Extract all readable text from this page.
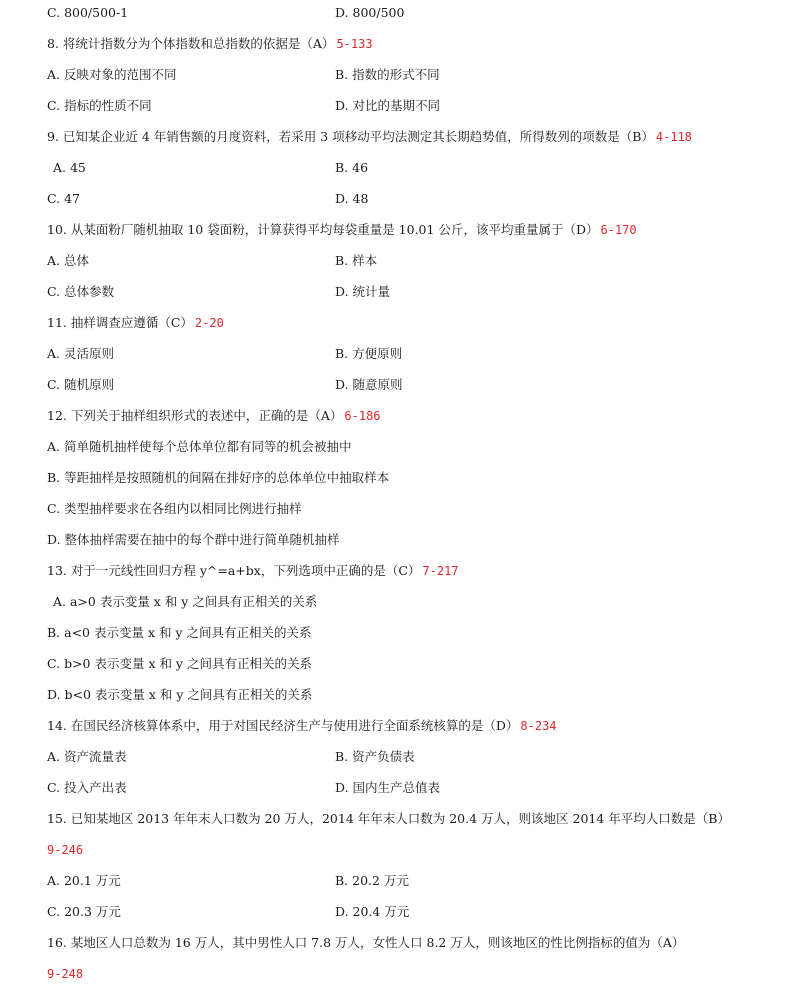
C. 800/500-1	D. 800/500
8. 将统计指数分为个体指数和总指数的依据是（A） 5-133
A. 反映对象的范围不同	B. 指数的形式不同
C. 指标的性质不同	D. 对比的基期不同
9. 已知某企业近 4 年销售额的月度资料，若采用 3 项移动平均法测定其长期趋势值，所得数列的项数是（B） 4-118
A. 45	B. 46
C. 47	D. 48
10. 从某面粉厂随机抽取 10 袋面粉，计算获得平均每袋重量是 10.01 公斤，该平均重量属于（D） 6-170
A. 总体	B. 样本
C. 总体参数	D. 统计量
11. 抽样调查应遵循（C） 2-20
A. 灵活原则	B. 方便原则
C. 随机原则	D. 随意原则
12. 下列关于抽样组织形式的表述中，正确的是（A） 6-186
A. 简单随机抽样使每个总体单位都有同等的机会被抽中
B. 等距抽样是按照随机的间隔在排好序的总体单位中抽取样本
C. 类型抽样要求在各组内以相同比例进行抽样
D. 整体抽样需要在抽中的每个群中进行简单随机抽样
13. 对于一元线性回归方程 y^=a+bx，下列选项中正确的是（C） 7-217
A. a>0 表示变量 x 和 y 之间具有正相关的关系
B. a<0 表示变量 x 和 y 之间具有正相关的关系
C. b>0 表示变量 x 和 y 之间具有正相关的关系
D. b<0 表示变量 x 和 y 之间具有正相关的关系
14. 在国民经济核算体系中，用于对国民经济生产与使用进行全面系统核算的是（D） 8-234
A. 资产流量表	B. 资产负债表
C. 投入产出表	D. 国内生产总值表
15. 已知某地区 2013 年年末人口数为 20 万人，2014 年年末人口数为 20.4 万人，则该地区 2014 年平均人口数是（B）
9-246
A. 20.1 万元	B. 20.2 万元
C. 20.3 万元	D. 20.4 万元
16. 某地区人口总数为 16 万人，其中男性人口 7.8 万人，女性人口 8.2 万人，则该地区的性比例指标的值为（A）
9-248
